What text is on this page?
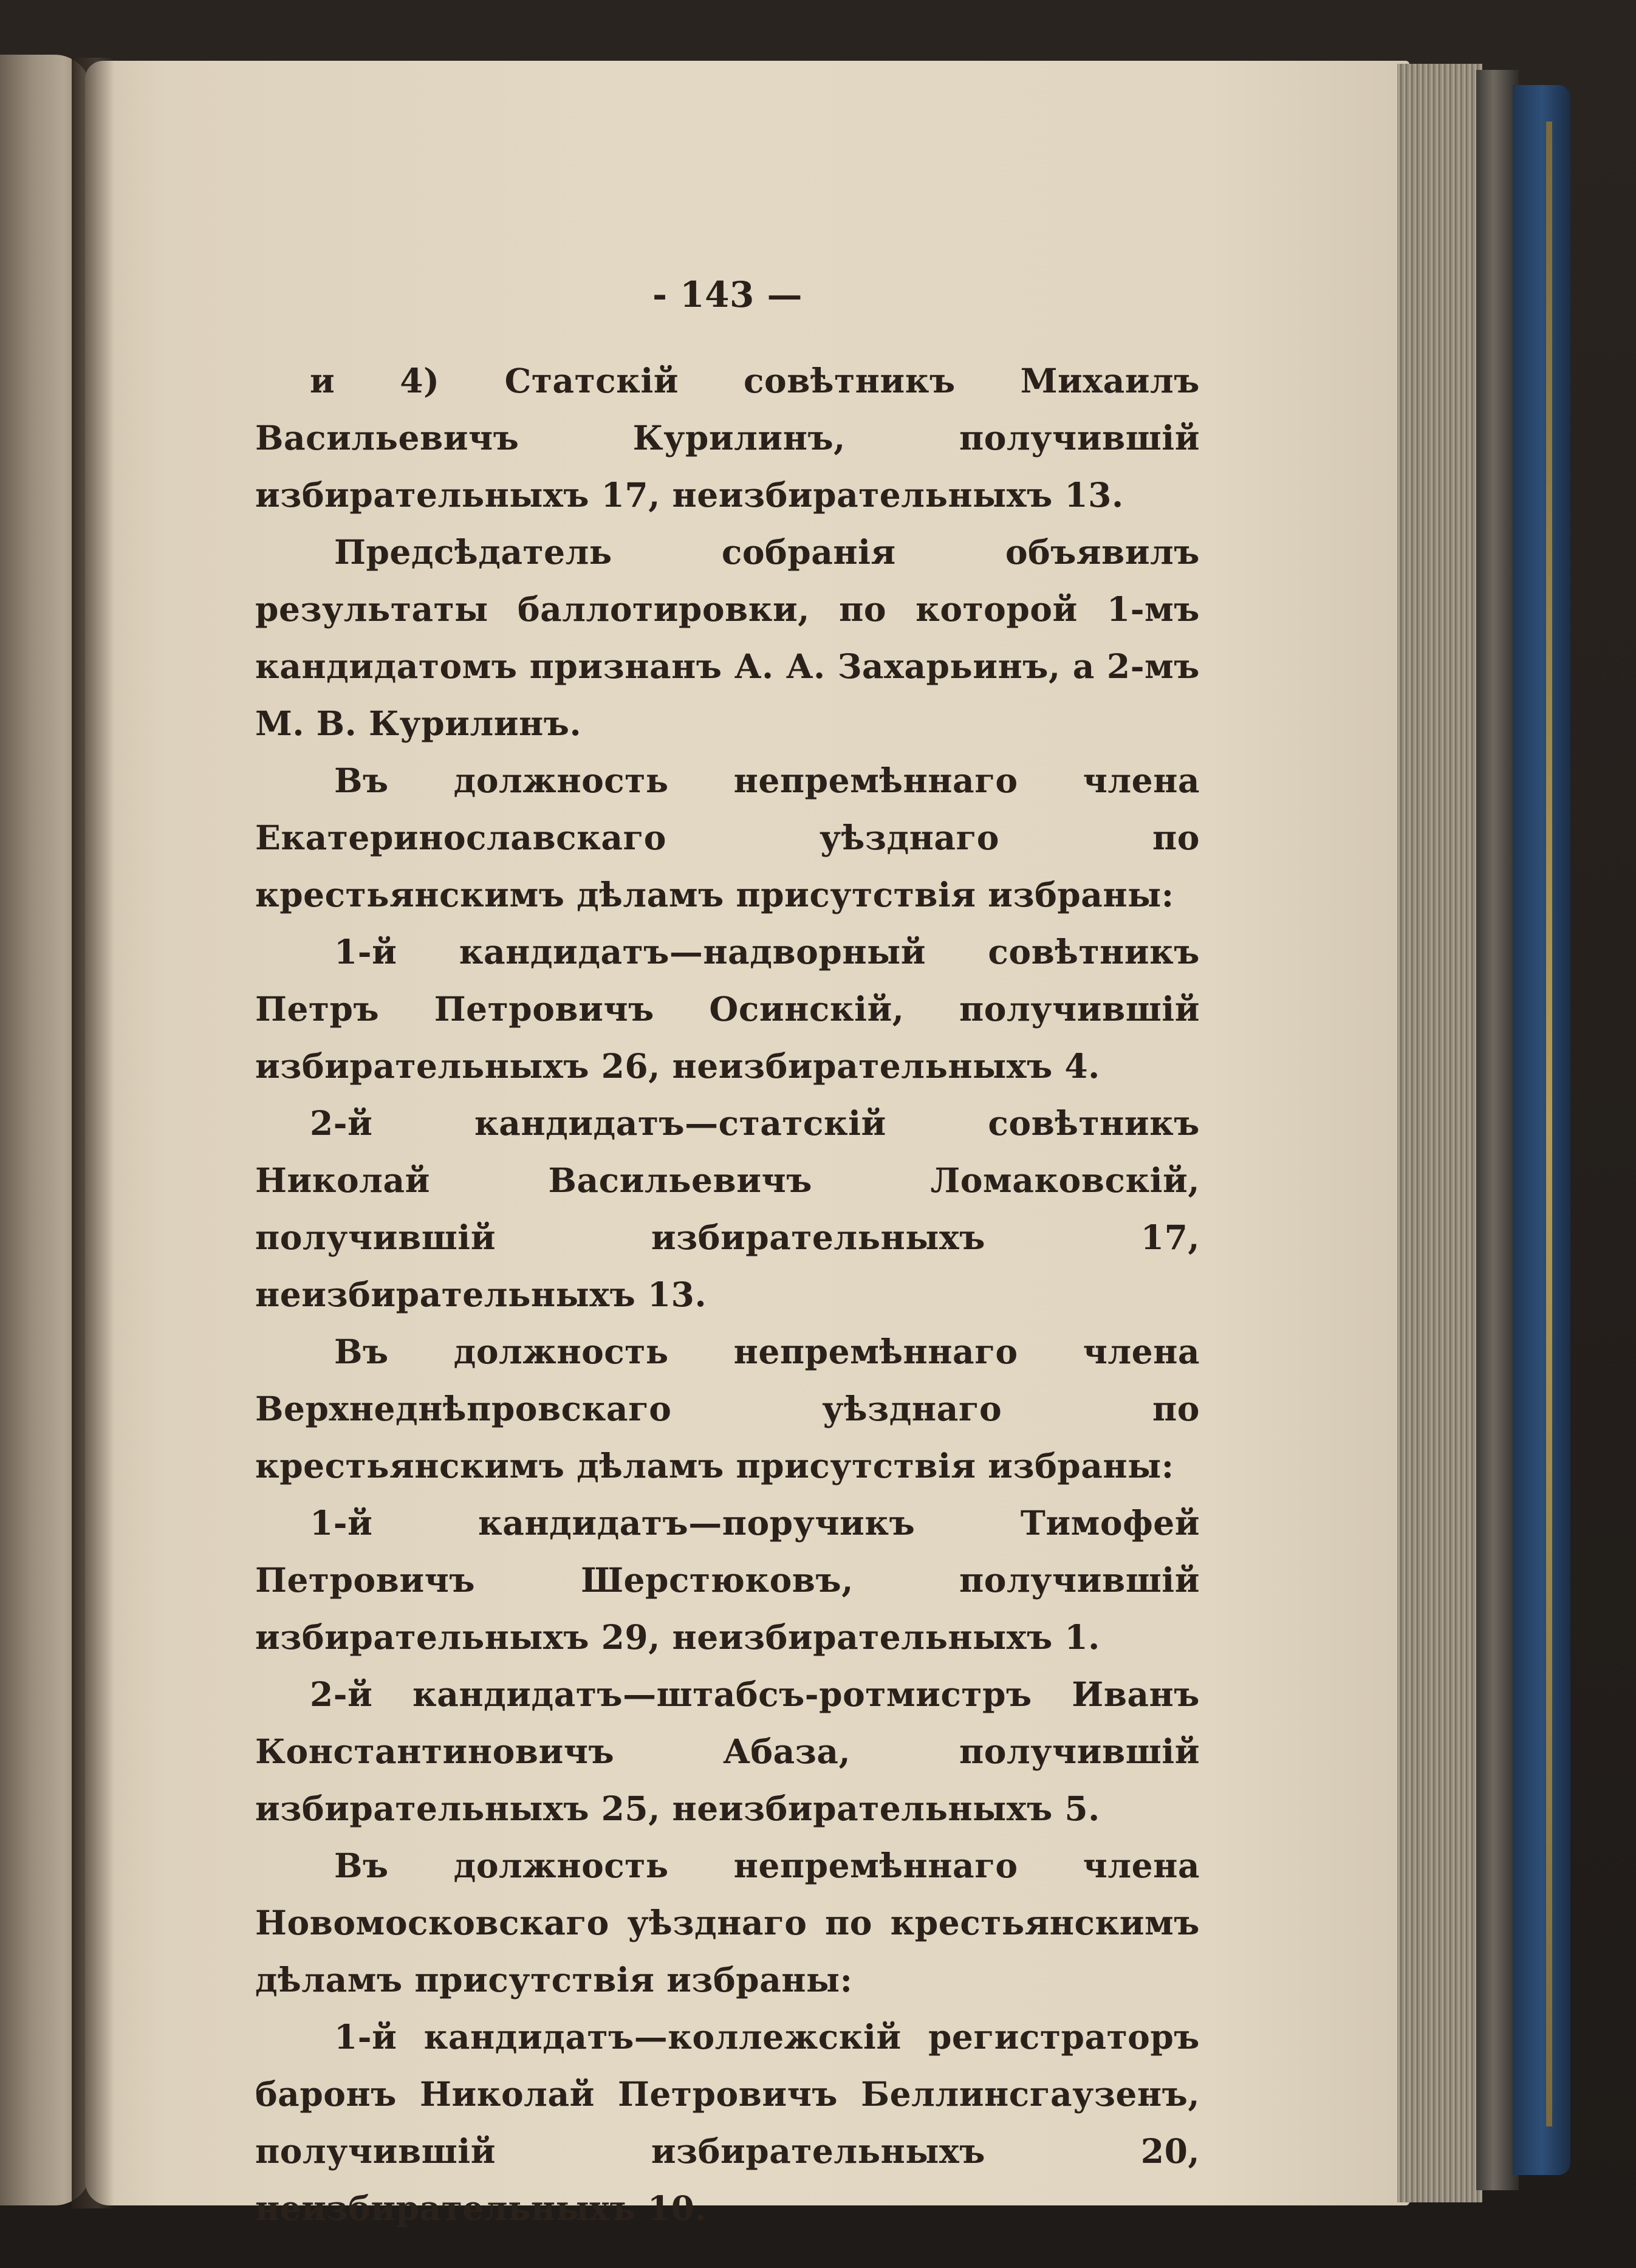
- 143 —

и 4) Статскій совѣтникъ Михаилъ Васильевичъ Курилинъ, получившій избирательныхъ 17, неизбирательныхъ 13.

Предсѣдатель собранія объявилъ результаты баллотировки, по которой 1-мъ кандидатомъ признанъ А. А. Захарьинъ, а 2-мъ М. В. Курилинъ.

Въ должность непремѣннаго члена Екатеринославскаго уѣзднаго по крестьянскимъ дѣламъ присутствія избраны:

1-й кандидатъ—надворный совѣтникъ Петръ Петровичъ Осинскій, получившій избирательныхъ 26, неизбирательныхъ 4.

2-й кандидатъ—статскій совѣтникъ Николай Васильевичъ Ломаковскій, получившій избирательныхъ 17, неизбирательныхъ 13.

Въ должность непремѣннаго члена Верхнеднѣпровскаго уѣзднаго по крестьянскимъ дѣламъ присутствія избраны:

1-й кандидатъ—поручикъ Тимофей Петровичъ Шерстюковъ, получившій избирательныхъ 29, неизбирательныхъ 1.

2-й кандидатъ—штабсъ-ротмистръ Иванъ Константиновичъ Абаза, получившій избирательныхъ 25, неизбирательныхъ 5.

Въ должность непремѣннаго члена Новомосковскаго уѣзднаго по крестьянскимъ дѣламъ присутствія избраны:

1-й кандидатъ—коллежскій регистраторъ баронъ Николай Петровичъ Беллинсгаузенъ, получившій избирательныхъ 20, неизбирательныхъ 10.
